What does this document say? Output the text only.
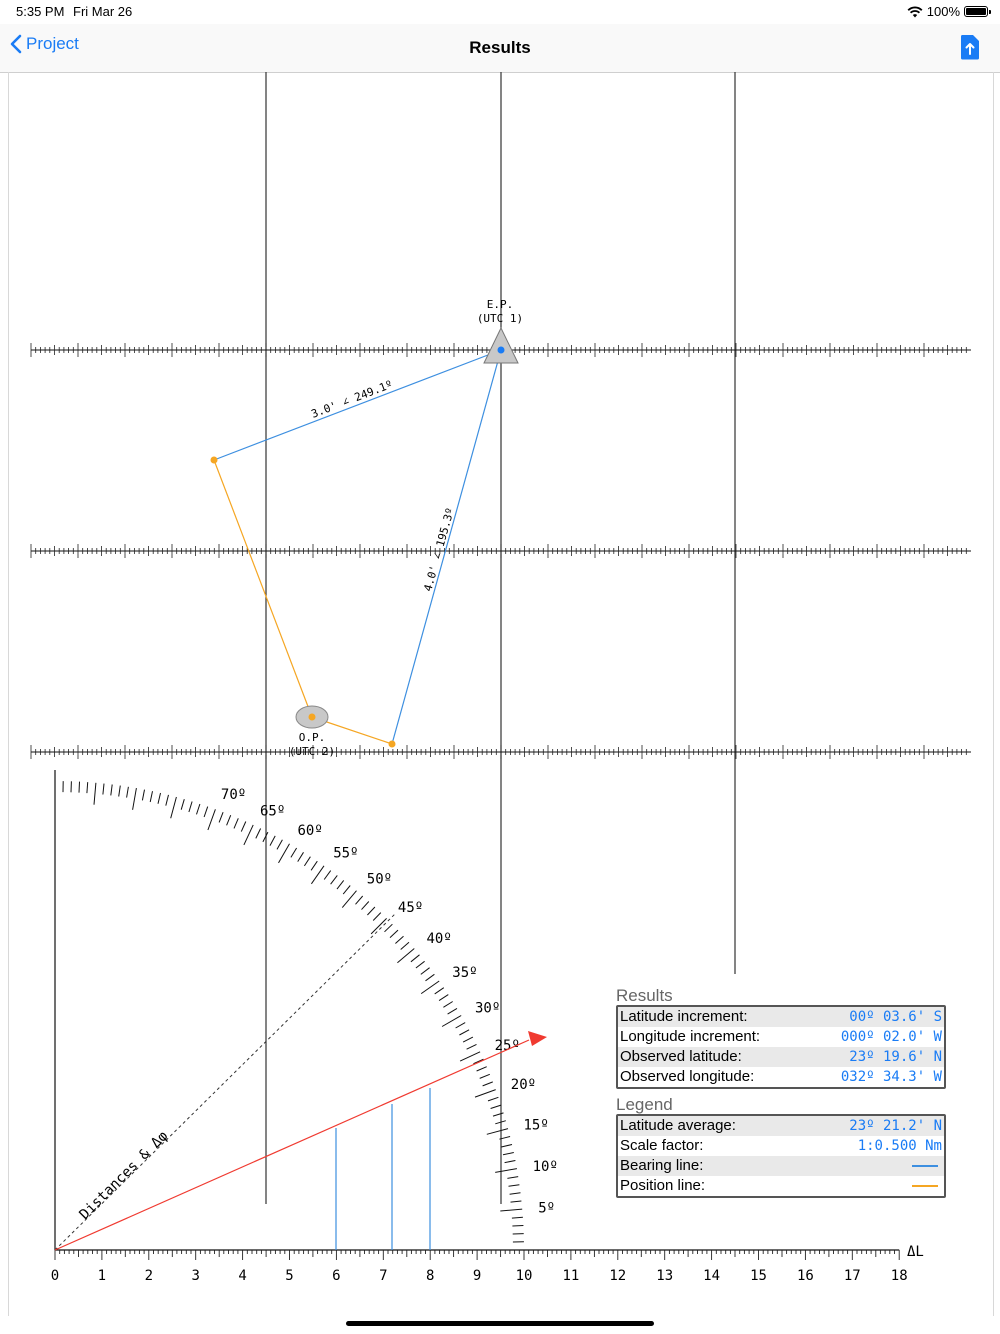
5:35 PM Fri Mar 26	100%
Project	Results
5º
10º
15º
20º
25º
30º
35º
40º
45º
50º
55º
60º
65º
70º
0	1	2	3	4	5	6	7	8	9 10 11 12 13 14 15 16 17 18
ΔL
Distances & Δφ
3.0' ∠ 249.1º
4.0' ∠ 195.3º
E.P.
(UTC 1)
O.P.
(UTC 2)
Results
Latitude increment:	00º 03.6' S
Longitude increment:	000º 02.0' W
Observed latitude:	23º 19.6' N
Observed longitude:	032º 34.3' W
Legend
Latitude average:	23º 21.2' N
Scale factor:	1:0.500 Nm
Bearing line:
Position line:
